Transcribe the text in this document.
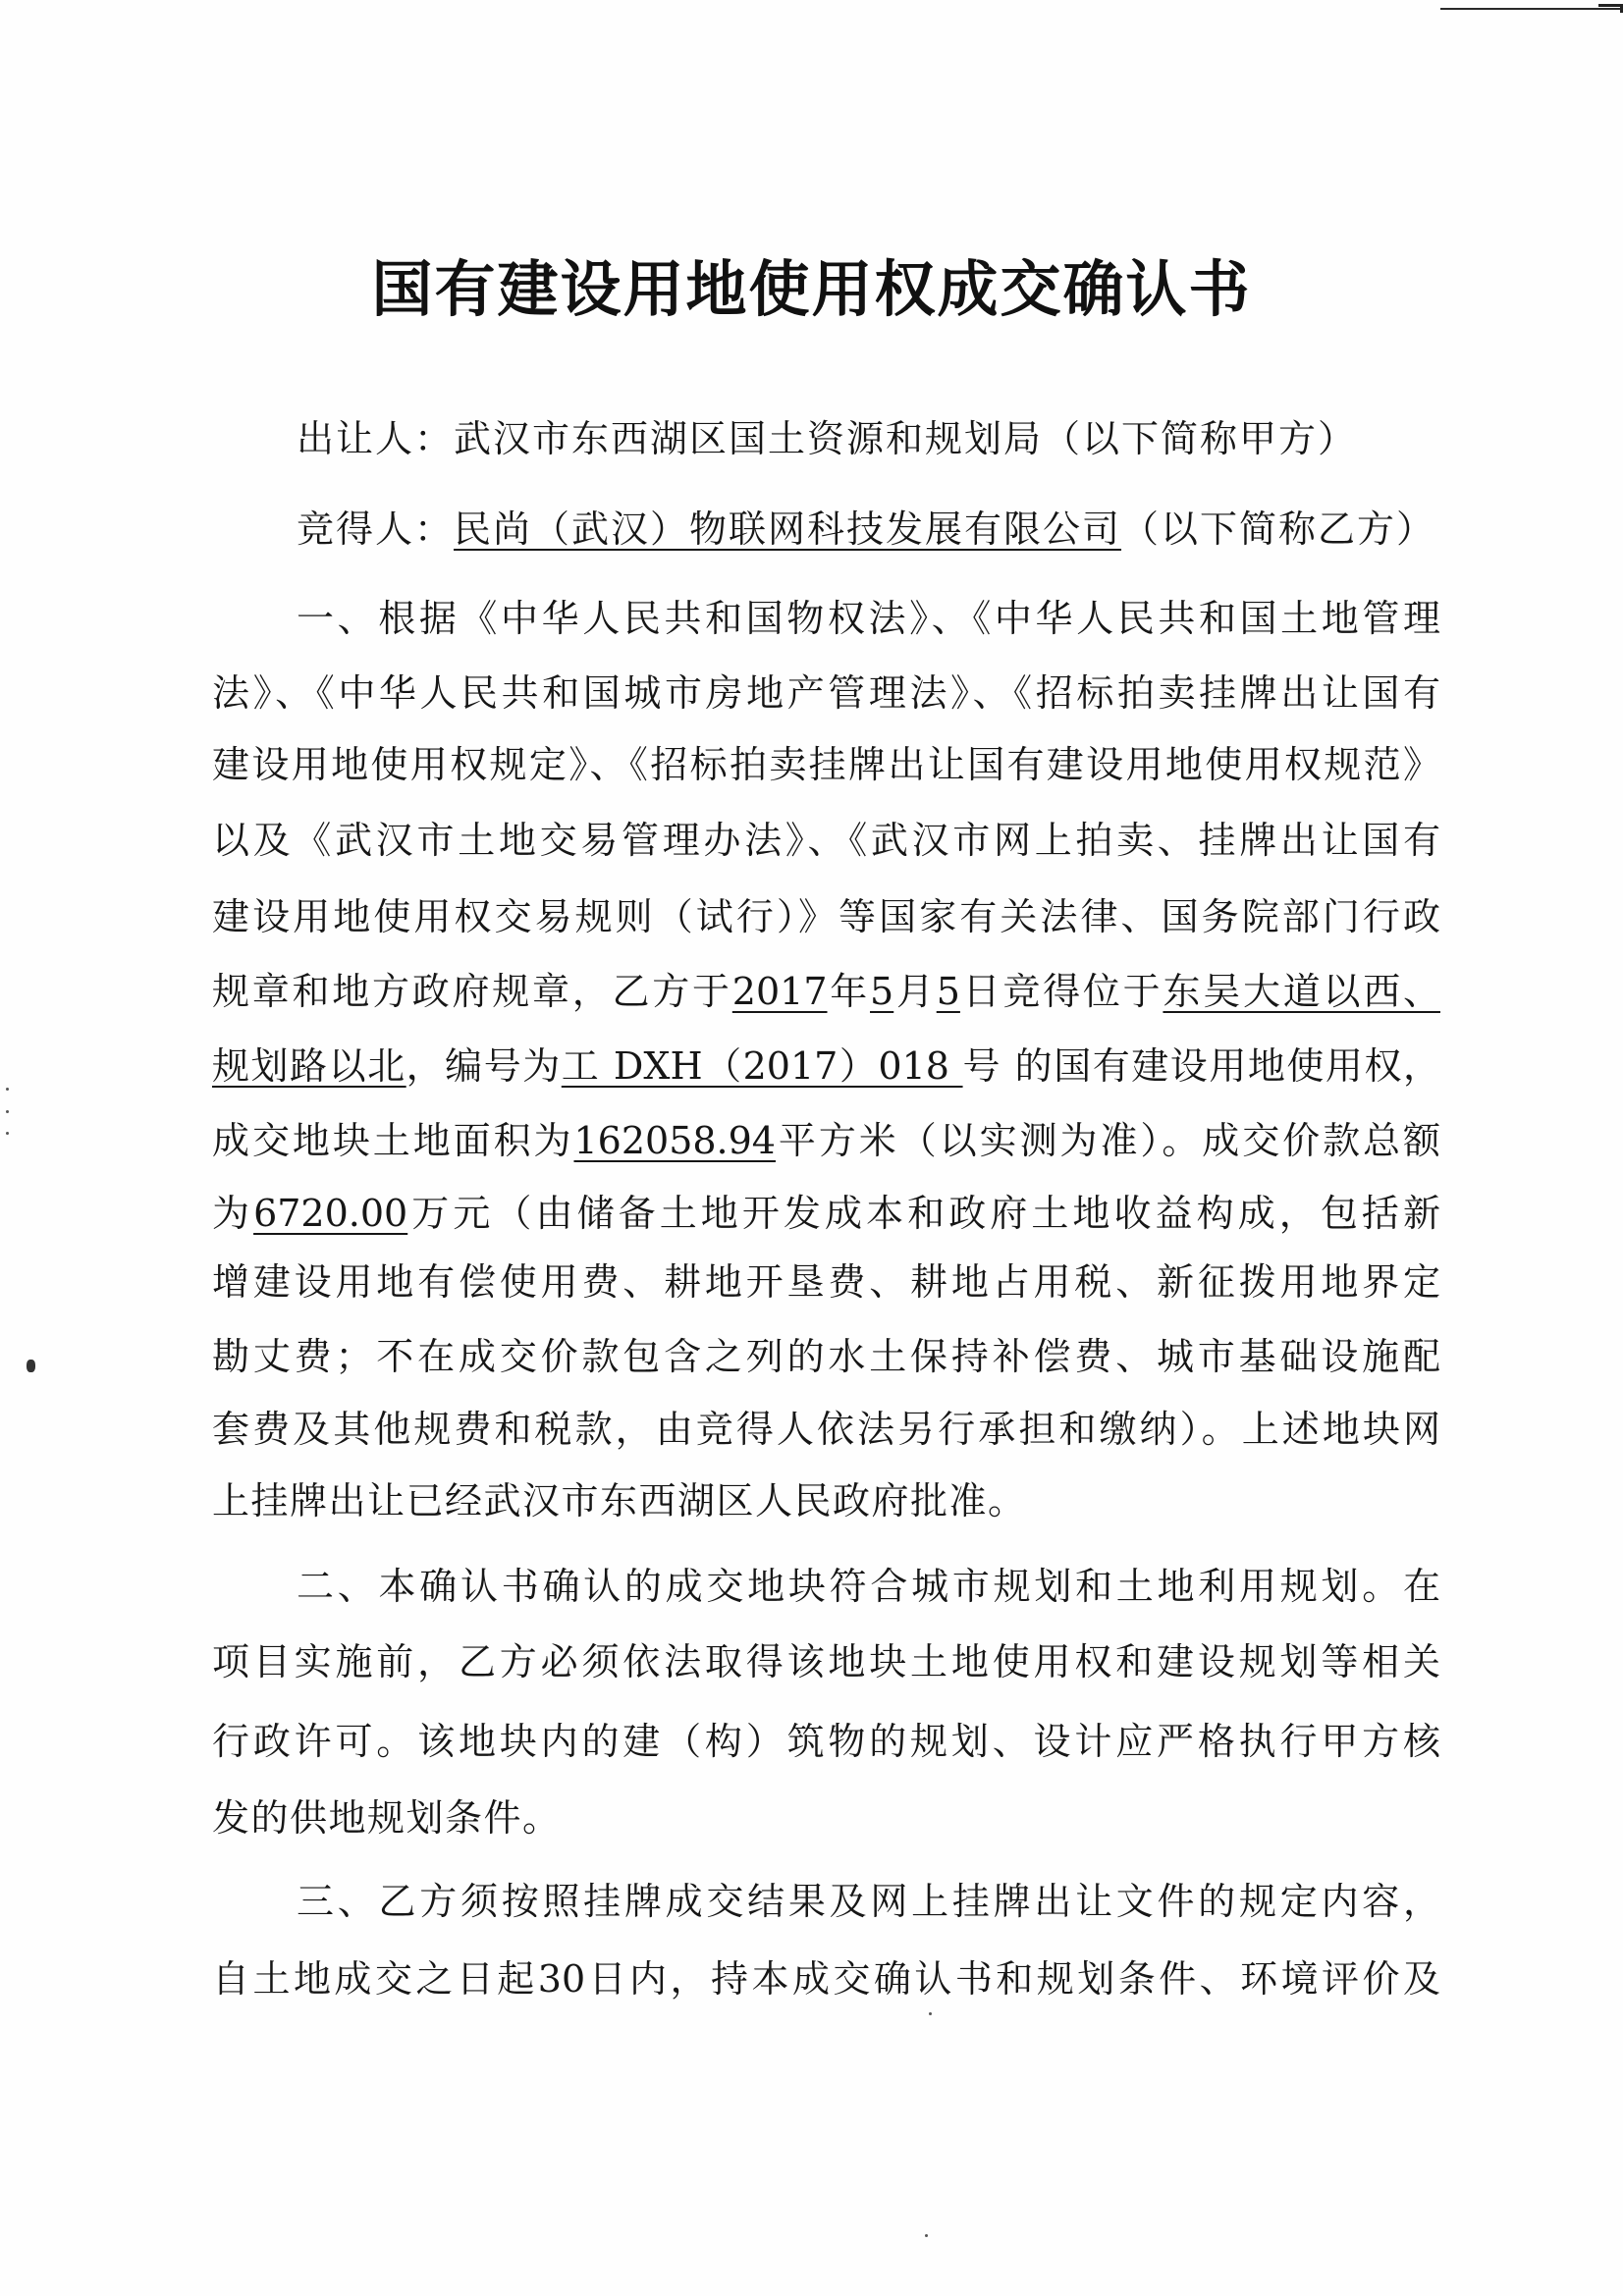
国有建设用地使用权成交确认书
出让人：武汉市东西湖区国土资源和规划局（以下简称甲方）
竞得人：民尚（武汉）物联网科技发展有限公司（以下简称乙方）
一、根据《中华人民共和国物权法》、《中华人民共和国土地管理
法》、《中华人民共和国城市房地产管理法》、《招标拍卖挂牌出让国有
建设用地使用权规定》、《招标拍卖挂牌出让国有建设用地使用权规范》
以及《武汉市土地交易管理办法》、《武汉市网上拍卖、挂牌出让国有
建设用地使用权交易规则（试行）》等国家有关法律、国务院部门行政
规章和地方政府规章，乙方于2017年5月5日竞得位于东吴大道以西、
规划路以北，编号为工 DXH（2017）018 号 的国有建设用地使用权，
成交地块土地面积为162058.94平方米（以实测为准）。成交价款总额
为6720.00万元（由储备土地开发成本和政府土地收益构成，包括新
增建设用地有偿使用费、耕地开垦费、耕地占用税、新征拨用地界定
勘丈费；不在成交价款包含之列的水土保持补偿费、城市基础设施配
套费及其他规费和税款，由竞得人依法另行承担和缴纳）。上述地块网
上挂牌出让已经武汉市东西湖区人民政府批准。
二、本确认书确认的成交地块符合城市规划和土地利用规划。在
项目实施前，乙方必须依法取得该地块土地使用权和建设规划等相关
行政许可。该地块内的建（构）筑物的规划、设计应严格执行甲方核
发的供地规划条件。
三、乙方须按照挂牌成交结果及网上挂牌出让文件的规定内容，
自土地成交之日起30日内，持本成交确认书和规划条件、环境评价及
